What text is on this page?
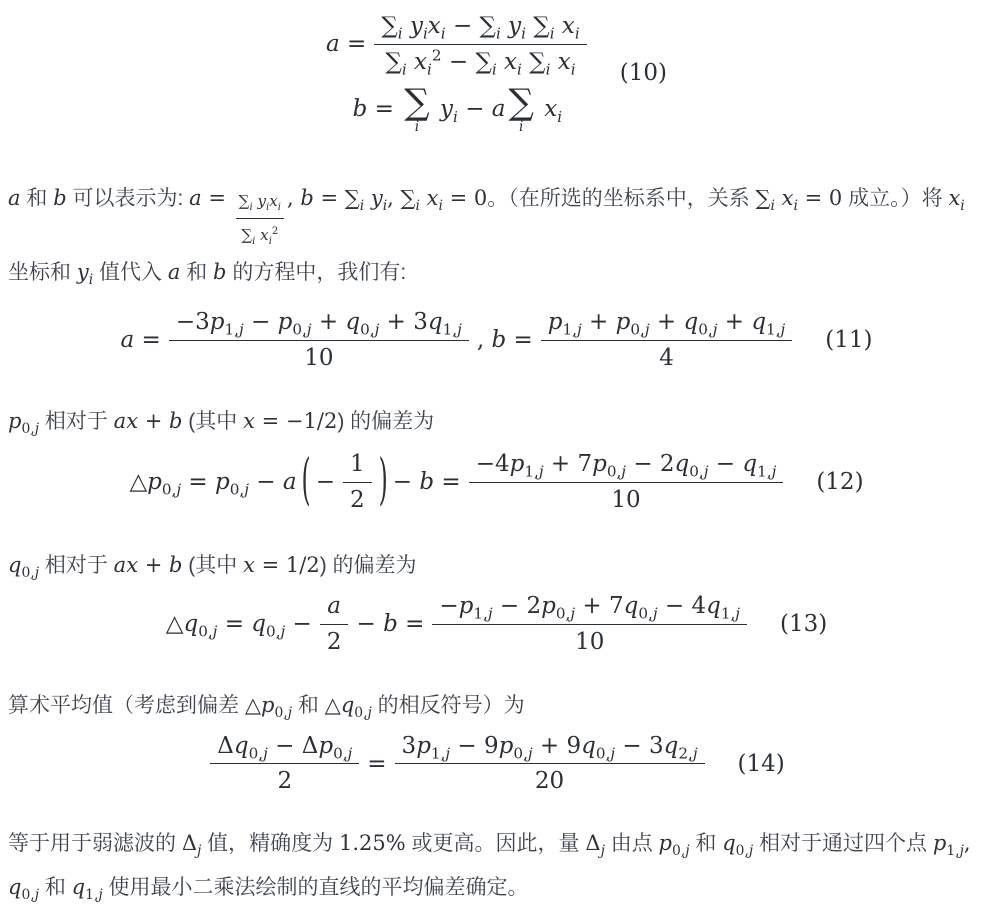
$a = \frac{\sum_i y_ix_i - \sum_i y_i \sum_i x_i}{\sum_i x_i^2 - \sum_i x_i \sum_i x_i}$
b = ∑
i
$y_i - a$ ∑
i
$x_i$
(10)

a 和 b 可以表示为: $a = \frac{\sum_i y_ix_i}{\sum_i x_i^2}$ , $b = \sum_i$ $y_i$, $\sum_i$ $x_i = 0$。（在所选的坐标系中，关系 $\sum_i$ $x_i = 0$ 成立。）将 $x_i$ 坐标和 $y_i$ 值代入 a 和 b 的方程中，我们有:

$a = \frac{-3p_{1,j} - p_{0,j} + q_{0,j} + 3q_{1,j}}{10}$ , $b = \frac{p_{1,j} + p_{0,j} + q_{0,j} + q_{1,j}}{4} (11)$

$p_{0,j}$ 相对于 ax + b (其中 x = −1/2) 的偏差为

$\triangle p_{0,j} = p_{0,j} - a$ ( − $\frac{1}{2}$ ) − $b = \frac{-4p_{1,j} + 7p_{0,j} - 2q_{0,j} - q_{1,j}}{10} (12)$

$q_{0,j}$ 相对于 ax + b (其中 x = 1/2) 的偏差为

$\triangle q_{0,j} = q_{0,j} - \frac{a}{2} - b = \frac{-p_{1,j} - 2p_{0,j} + 7q_{0,j} - 4q_{1,j}}{10} (13)$

算术平均值（考虑到偏差 $\triangle p_{0,j}$ 和 $\triangle q_{0,j}$ 的相反符号）为

$\frac{\Delta q_{0,j} - \Delta p_{0,j}}{2} = \frac{3p_{1,j} - 9p_{0,j} + 9q_{0,j} - 3q_{2,j}}{20} (14)$

等于用于弱滤波的 $\Delta_j$ 值，精确度为 1.25% 或更高。因此，量 $\Delta_j$ 由点 $p_{0,j}$ 和 $q_{0,j}$ 相对于通过四个点 $p_{1,j}$, $q_{0,j}$ 和 $q_{1,j}$ 使用最小二乘法绘制的直线的平均偏差确定。
